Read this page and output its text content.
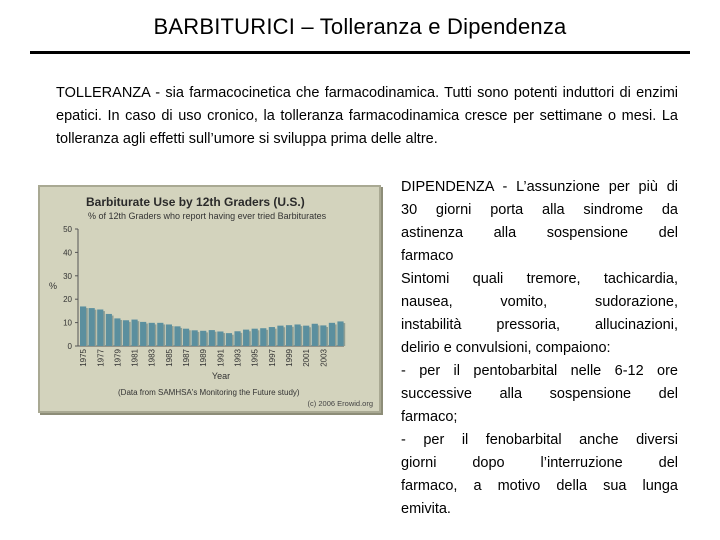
BARBITURICI – Tolleranza e Dipendenza
TOLLERANZA - sia farmacocinetica che farmacodinamica. Tutti sono potenti induttori di enzimi epatici. In caso di uso cronico, la tolleranza farmacodinamica cresce per settimane o mesi. La tolleranza agli effetti sull’umore si sviluppa prima delle altre.
Barbiturate Use by 12th Graders (U.S.)
% of 12th Graders who report having ever tried Barbiturates
%
0
10
20
30
40
50
1975 1977 1979 1981 1983 1985 1987 1989 1991 1993 1995 1997 1999 2001 2003
Year
(Data from SAMHSA's Monitoring the Future study)
(c) 2006 Erowid.org
DIPENDENZA - L’assunzione per più di
30 giorni porta alla sindrome da
astinenza alla sospensione del
farmaco
Sintomi quali tremore, tachicardia,
nausea, vomito, sudorazione,
instabilità pressoria, allucinazioni,
delirio e convulsioni, compaiono:
- per il pentobarbital nelle 6-12 ore
successive alla sospensione del
farmaco;
- per il fenobarbital anche diversi
giorni dopo l’interruzione del
farmaco, a motivo della sua lunga
emivita.
